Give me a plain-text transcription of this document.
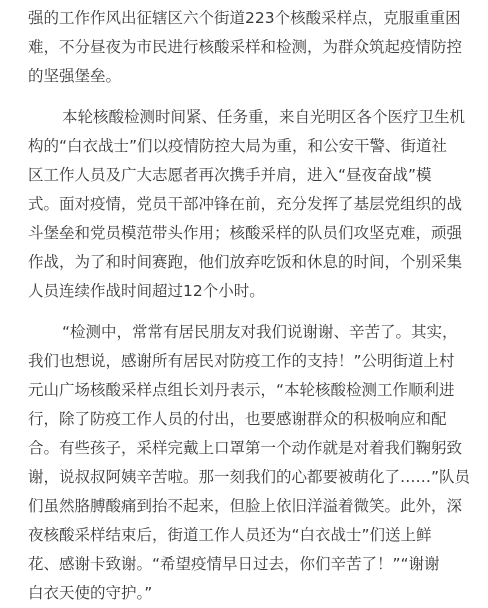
强的工作作风出征辖区六个街道223个核酸采样点，克服重重困
难，不分昼夜为市民进行核酸采样和检测，为群众筑起疫情防控
的坚强堡垒。

本轮核酸检测时间紧、任务重，来自光明区各个医疗卫生机
构的“白衣战士”们以疫情防控大局为重，和公安干警、街道社
区工作人员及广大志愿者再次携手并肩，进入“昼夜奋战”模
式。面对疫情，党员干部冲锋在前，充分发挥了基层党组织的战
斗堡垒和党员模范带头作用；核酸采样的队员们攻坚克难，顽强
作战，为了和时间赛跑，他们放弃吃饭和休息的时间，个别采集
人员连续作战时间超过12个小时。

“检测中，常常有居民朋友对我们说谢谢、辛苦了。其实，
我们也想说，感谢所有居民对防疫工作的支持！”公明街道上村
元山广场核酸采样点组长刘丹表示，“本轮核酸检测工作顺利进
行，除了防疫工作人员的付出，也要感谢群众的积极响应和配
合。有些孩子，采样完戴上口罩第一个动作就是对着我们鞠躬致
谢，说叔叔阿姨辛苦啦。那一刻我们的心都要被萌化了……”队员
们虽然胳膊酸痛到抬不起来，但脸上依旧洋溢着微笑。此外，深
夜核酸采样结束后，街道工作人员还为“白衣战士”们送上鲜
花、感谢卡致谢。“希望疫情早日过去，你们辛苦了！”“谢谢
白衣天使的守护。”
